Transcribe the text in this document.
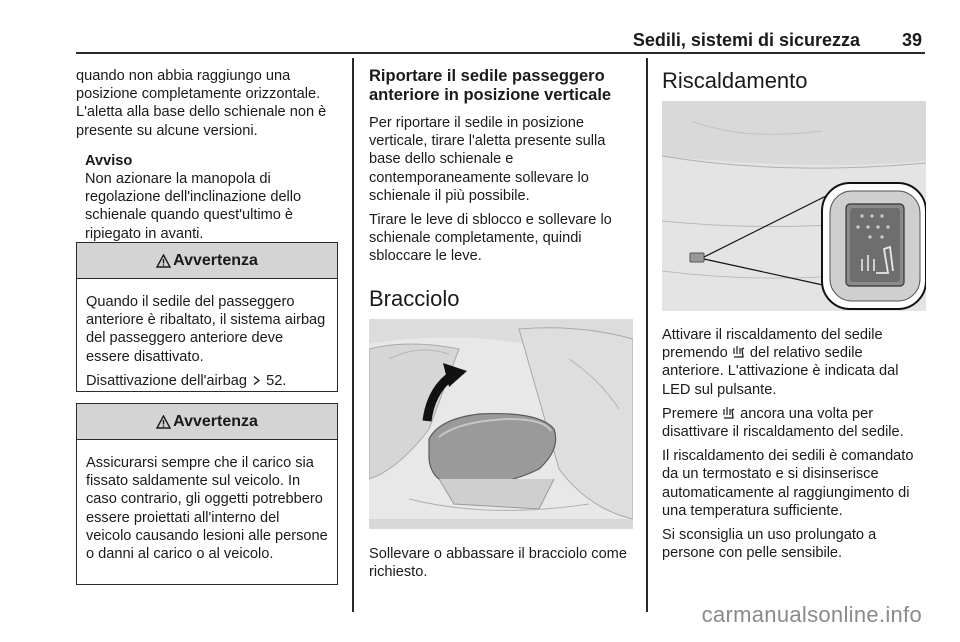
Sedili, sistemi di sicurezza	39

quando non abbia raggiungo una posizione completamente orizzontale. L'aletta alla base dello schienale non è presente su alcune versioni.

Avviso

Non azionare la manopola di regolazione dell'inclinazione dello schienale quando quest'ultimo è ripiegato in avanti.

Avvertenza

Quando il sedile del passeggero anteriore è ribaltato, il sistema airbag del passeggero anteriore deve essere disattivato.

Disattivazione dell'airbag 52.

Avvertenza

Assicurarsi sempre che il carico sia fissato saldamente sul veicolo. In caso contrario, gli oggetti potrebbero essere proiettati all'interno del veicolo causando lesioni alle persone o danni al carico o al veicolo.

Riportare il sedile passeggero anteriore in posizione verticale

Per riportare il sedile in posizione verticale, tirare l'aletta presente sulla base dello schienale e contemporaneamente sollevare lo schienale il più possibile.

Tirare le leve di sblocco e sollevare lo schienale completamente, quindi sbloccare le leve.

Bracciolo

Sollevare o abbassare il bracciolo come richiesto.

Riscaldamento

Attivare il riscaldamento del sedile premendo del relativo sedile anteriore. L'attivazione è indicata dal LED sul pulsante.

Premere ancora una volta per disattivare il riscaldamento del sedile.

Il riscaldamento dei sedili è comandato da un termostato e si disinserisce automaticamente al raggiungimento di una temperatura sufficiente.

Si sconsiglia un uso prolungato a persone con pelle sensibile.

carmanualsonline.info
